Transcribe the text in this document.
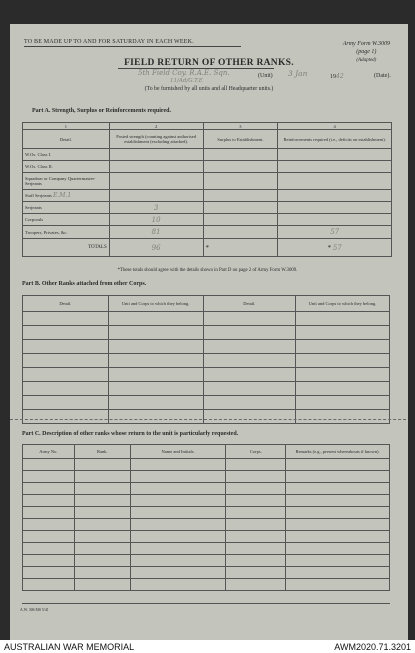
TO BE MADE UP TO AND FOR SATURDAY IN EACH WEEK.	Army Form W.3009
(page 1)
(Adapted)
FIELD RETURN OF OTHER RANKS.
5th Field Coy. R.A.E. Sqn.
11/Ad/G.T.E
(Unit) 3 Jan	1942	(Date).
(To be furnished by all units and all Headquarter units.)
Part A. Strength, Surplus or Reinforcements required.
1	2	3	4
Detail.	Posted strength (counting against authorised establishment (excluding attached).	Surplus to Establishment.	Reinforcements required (i.e., deficits on establishment).
W.Os. Class I.			
W.Os. Class II.			
Squadron or Company Quartermaster-Serjeants			
Staff Serjeants E.M.1			
Serjeants	3		
Corporals	10		
Troopers, Privates, &c.	81		57
TOTALS	96	*	* 57
*These totals should agree with the details shown in Part D on page 2 of Army Form W.3009.
Part B. Other Ranks attached from other Corps.
Detail.	Unit and Corps to which they belong.	Detail.	Unit and Corps to which they belong.

Part C. Description of other ranks whose return to the unit is particularly requested.
Army No.	Rank.	Name and Initials.	Corps.	Remarks (e.g., present whereabouts if known).

A.W. 306 MS 5/41
AUSTRALIAN WAR MEMORIAL	AWM2020.71.3201
